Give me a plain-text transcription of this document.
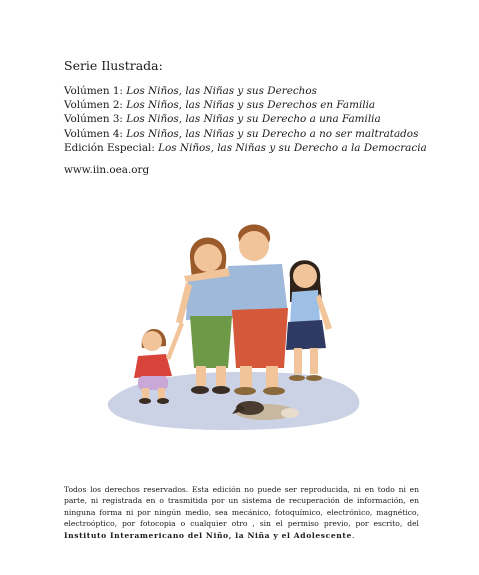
Serie Ilustrada:
Volúmen 1: Los Niños, las Niñas y sus Derechos
Volúmen 2: Los Niños, las Niñas y sus Derechos en Familia
Volúmen 3: Los Niños, las Niñas y su Derecho a una Familia
Volúmen 4: Los Niños, las Niñas y su Derecho a no ser maltratados
Edición Especial: Los Niños, las Niñas y su Derecho a la Democracia
www.iin.oea.org

Todos los derechos reservados. Esta edición no puede ser reproducida, ni en todo ni en parte, ni registrada en o trasmitida por un sistema de recuperación de información, en ninguna forma ni por ningún medio, sea mecánico, fotoquímico, electrónico, magnético, electroóptico, por fotocopia o cualquier otro , sin el permiso previo, por escrito, del Instituto Interamericano del Niño, la Niña y el Adolescente.
